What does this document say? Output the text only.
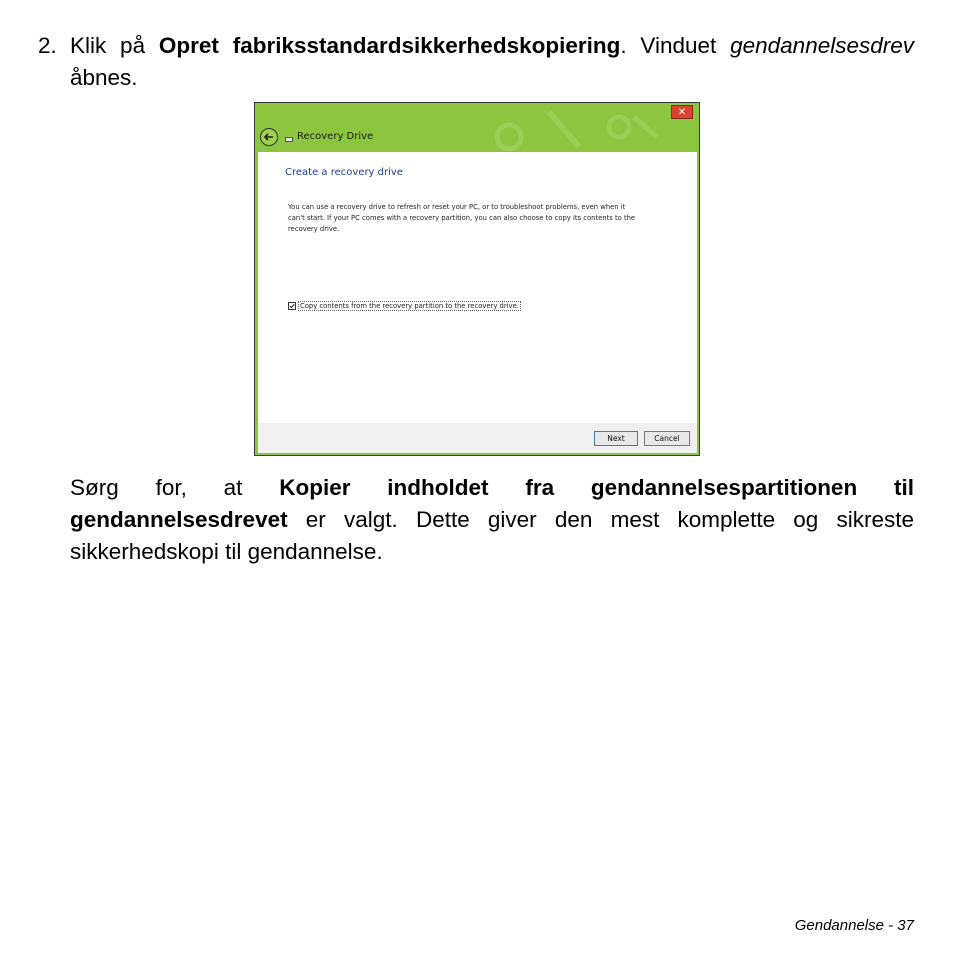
2. Klik på Opret fabriksstandardsikkerhedskopiering. Vinduet gendannelsesdrev åbnes.
✕
Recovery Drive
Create a recovery drive
You can use a recovery drive to refresh or reset your PC, or to troubleshoot problems, even when it can't start. If your PC comes with a recovery partition, you can also choose to copy its contents to the recovery drive.
Copy contents from the recovery partition to the recovery drive.
Next	Cancel
Sørg for, at Kopier indholdet fra gendannelsespartitionen til gendannelsesdrevet er valgt. Dette giver den mest komplette og sikreste sikkerhedskopi til gendannelse.
Gendannelse - 37
